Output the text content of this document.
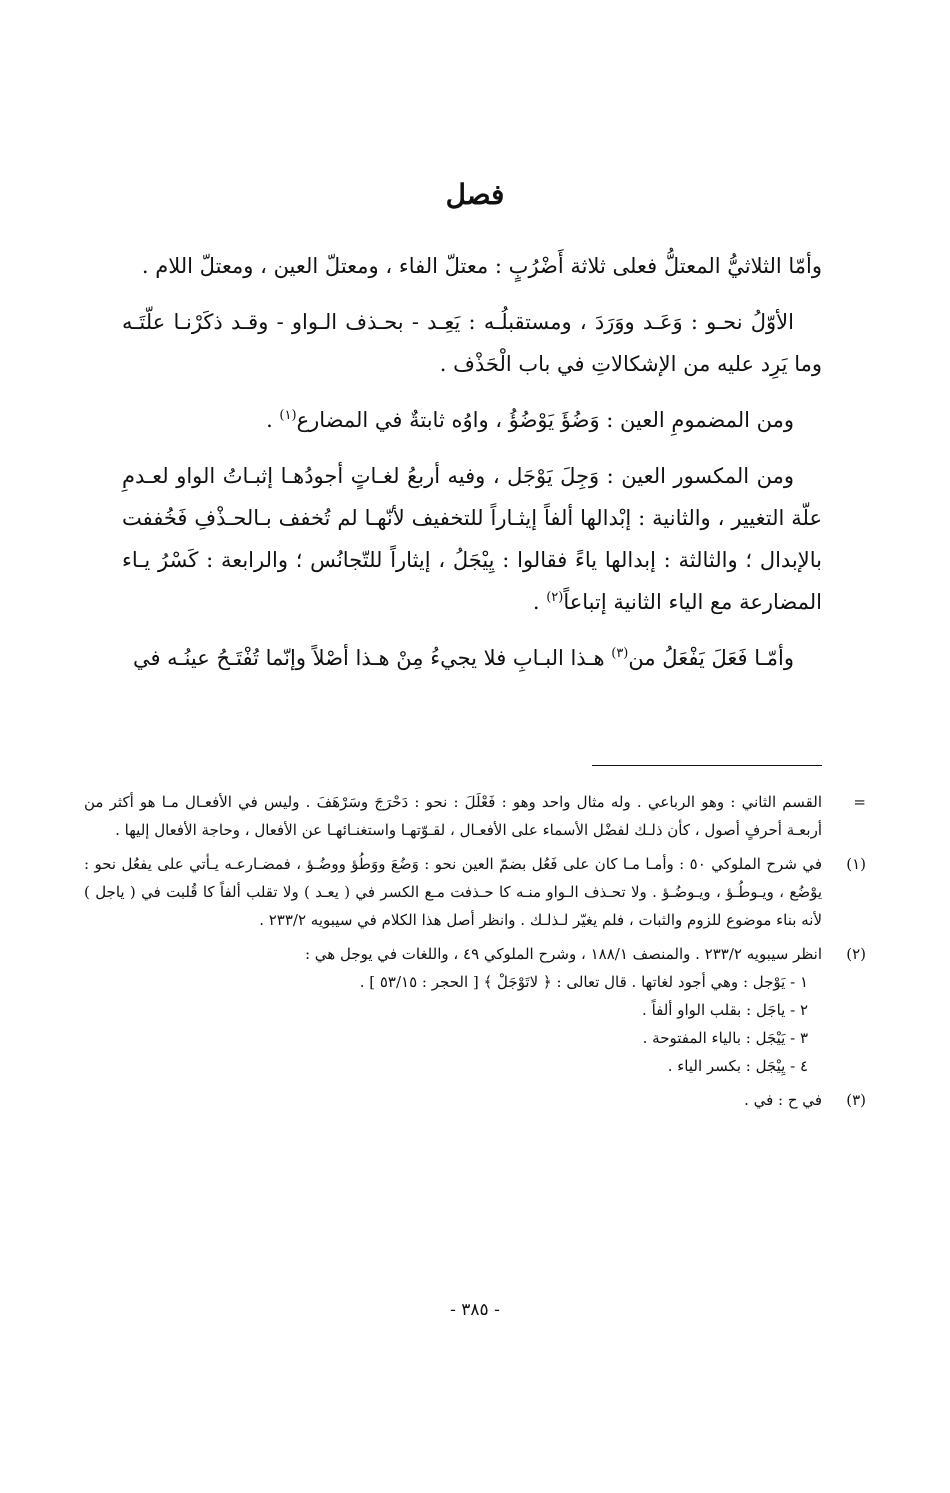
فصل

وأمّا الثلاثيُّ المعتلُّ فعلى ثلاثة أَضْرُبٍ : معتلّ الفاء ، ومعتلّ العين ، ومعتلّ اللام .

الأوّلُ نحـو : وَعَـد ووَرَدَ ، ومستقبلُـه : يَعِـد - بحـذف الـواو - وقـد ذكَرْنـا علّتَـه وما يَرِد عليه من الإشكالاتِ في باب الْحَذْف .

ومن المضمومِ العين : وَضُؤَ يَوْضُؤُ ، واوُه ثابتةٌ في المضارع$^{(١)}$ .

ومن المكسور العين : وَجِلَ يَوْجَل ، وفيه أربعُ لغـاتٍ أجودُهـا إثبـاتُ الواو لعـدمِ علّة التغيير ، والثانية : إبْدالها ألفاً إيثـاراً للتخفيف لأنّهـا لم تُخفف بـالحـذْفِ فَخُففت بالإبدال ؛ والثالثة : إبدالها ياءً فقالوا : يِيْجَلُ ، إيثاراً للتّجانُس ؛ والرابعة : كَسْرُ يـاء المضارعة مع الياء الثانية إتباعاً$^{(٢)}$ .

وأمّـا فَعَلَ يَفْعَلُ من$^{(٣)}$ هـذا البـابِ فلا يجيءُ مِنْ هـذا أصْلاً وإنّما تُفْتَـحُ عينُـه في

=
القسم الثاني : وهو الرباعي . وله مثال واحد وهو : فَعْلَلَ : نحو : دَحْرَجَ وسَرْهَفَ . وليس في الأفعـال مـا هو أكثر من أربعـة أحرفٍ أصول ، كأن ذلـك لفضْل الأسماء على الأفعـال ، لقـوّتهـا واستغنـائهـا عن الأفعال ، وحاجة الأفعال إليها .
(١)
في شرح الملوكي ٥٠ : وأمـا مـا كان على فَعُل بضمّ العين نحو : وَضُعَ ووَطُؤ ووضُـؤ ، فمضـارعـه يـأتي على يفعُل نحو : يوْضُع ، ويـوطُـؤ ، ويـوضُـؤ . ولا تحـذف الـواو منـه كا حـذفت مـع الكسر في ( يعـد ) ولا تقلب ألفاً كا قُلبت في ( ياجل ) لأنه بناء موضوع للزوم والثبات ، فلم يغيّر لـذلـك . وانظر أصل هذا الكلام في سيبويه ٢٣٣/٢ .
(٢)
انظر سيبويه ٢٣٣/٢ . والمنصف ١٨٨/١ ، وشرح الملوكي ٤٩ ، واللغات في يوجل هي :
١ - يَوْجل : وهي أجود لغاتها . قال تعالى : ﴿ لاتَوْجَلْ ﴾ [ الحجر : ٥٣/١٥ ] .
٢ - ياجَل : بقلب الواو ألفاً .
٣ - يَيْجَل : بالياء المفتوحة .
٤ - يِيْجَل : بكسر الياء .
(٣)
في ح : في .
- ٣٨٥ -
